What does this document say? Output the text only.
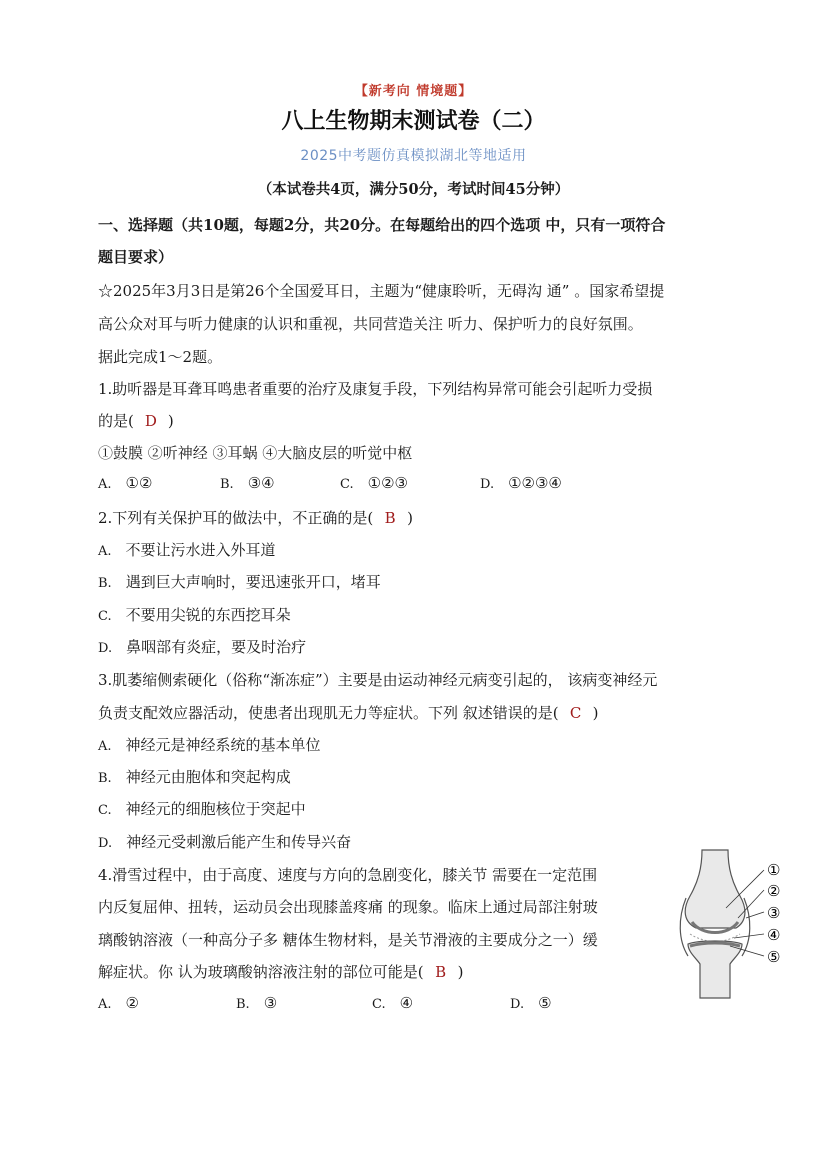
【新考向 情境题】
八上生物期末测试卷（二）
2025中考题仿真模拟湖北等地适用
（本试卷共4页，满分50分，考试时间45分钟）
一、选择题（共10题，每题2分，共20分。在每题给出的四个选项 中，只有一项符合
题目要求）
☆2025年3月3日是第26个全国爱耳日，主题为“健康聆听，无碍沟 通” 。国家希望提
高公众对耳与听力健康的认识和重视，共同营造关注 听力、保护听力的良好氛围。
据此完成1～2题。
1.助听器是耳聋耳鸣患者重要的治疗及康复手段，下列结构异常可能会引起听力受损
的是( D )
①鼓膜 ②听神经 ③耳蜗 ④大脑皮层的听觉中枢
A. ①②	B. ③④	C. ①②③	D. ①②③④
2.下列有关保护耳的做法中，不正确的是( B )
A. 不要让污水进入外耳道
B. 遇到巨大声响时，要迅速张开口，堵耳
C. 不要用尖锐的东西挖耳朵
D. 鼻咽部有炎症，要及时治疗
3.肌萎缩侧索硬化（俗称“渐冻症”）主要是由运动神经元病变引起的， 该病变神经元
负责支配效应器活动，使患者出现肌无力等症状。下列 叙述错误的是( C )
A. 神经元是神经系统的基本单位
B. 神经元由胞体和突起构成
C. 神经元的细胞核位于突起中
D. 神经元受刺激后能产生和传导兴奋
4.滑雪过程中，由于高度、速度与方向的急剧变化，膝关节 需要在一定范围
内反复屈伸、扭转，运动员会出现膝盖疼痛 的现象。临床上通过局部注射玻
璃酸钠溶液（一种高分子多 糖体生物材料，是关节滑液的主要成分之一）缓
解症状。你 认为玻璃酸钠溶液注射的部位可能是( B )
A. ②	B. ③	C. ④	D. ⑤
①
②
③
④
⑤
